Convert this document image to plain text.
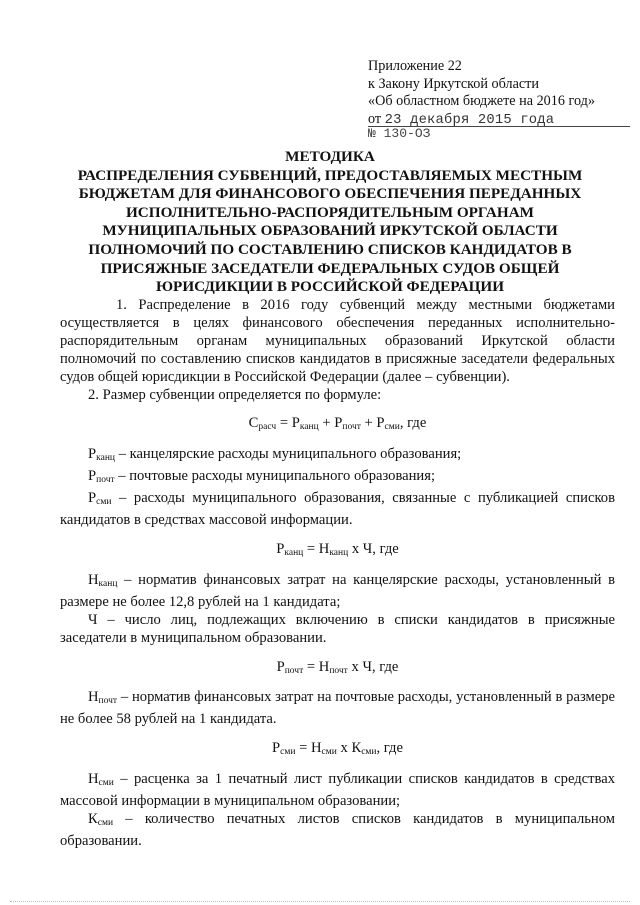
Приложение 22
к Закону Иркутской области
«Об областном бюджете на 2016 год»
от 23 декабря 2015 года
№ 130-ОЗ
МЕТОДИКА
РАСПРЕДЕЛЕНИЯ СУБВЕНЦИЙ, ПРЕДОСТАВЛЯЕМЫХ МЕСТНЫМ
БЮДЖЕТАМ ДЛЯ ФИНАНСОВОГО ОБЕСПЕЧЕНИЯ ПЕРЕДАННЫХ
ИСПОЛНИТЕЛЬНО-РАСПОРЯДИТЕЛЬНЫМ ОРГАНАМ
МУНИЦИПАЛЬНЫХ ОБРАЗОВАНИЙ ИРКУТСКОЙ ОБЛАСТИ
ПОЛНОМОЧИЙ ПО СОСТАВЛЕНИЮ СПИСКОВ КАНДИДАТОВ В
ПРИСЯЖНЫЕ ЗАСЕДАТЕЛИ ФЕДЕРАЛЬНЫХ СУДОВ ОБЩЕЙ
ЮРИСДИКЦИИ В РОССИЙСКОЙ ФЕДЕРАЦИИ

1. Распределение в 2016 году субвенций между местными бюджетами осуществляется в целях финансового обеспечения переданных исполнительно-распорядительным органам муниципальных образований Иркутской области полномочий по составлению списков кандидатов в присяжные заседатели федеральных судов общей юрисдикции в Российской Федерации (далее – субвенции).

2. Размер субвенции определяется по формуле:

$С_{расч} = Р_{канц} + Р_{почт} + Р_{сми}$, где

$Р_{канц}$ – канцелярские расходы муниципального образования;

$Р_{почт}$ – почтовые расходы муниципального образования;

$Р_{сми}$ – расходы муниципального образования, связанные с публикацией списков кандидатов в средствах массовой информации.

$Р_{канц} = Н_{канц}$ х Ч, где

$Н_{канц}$ – норматив финансовых затрат на канцелярские расходы, установленный в размере не более 12,8 рублей на 1 кандидата;

Ч – число лиц, подлежащих включению в списки кандидатов в присяжные заседатели в муниципальном образовании.

$Р_{почт} = Н_{почт}$ х Ч, где

$Н_{почт}$ – норматив финансовых затрат на почтовые расходы, установленный в размере не более 58 рублей на 1 кандидата.

$Р_{сми} = Н_{сми}$ х $К_{сми}$, где

$Н_{сми}$ – расценка за 1 печатный лист публикации списков кандидатов в средствах массовой информации в муниципальном образовании;

$К_{сми}$ – количество печатных листов списков кандидатов в муниципальном образовании.
